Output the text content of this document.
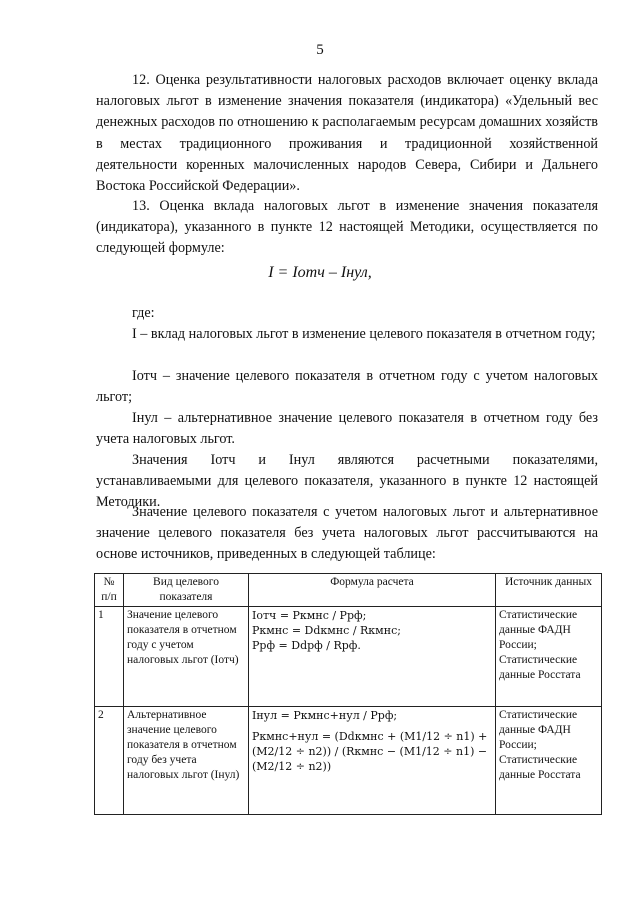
5

12. Оценка результативности налоговых расходов включает оценку вклада налоговых льгот в изменение значения показателя (индикатора) «Удельный вес денежных расходов по отношению к располагаемым ресурсам домашних хозяйств в местах традиционного проживания и традиционной хозяйственной деятельности коренных малочисленных народов Севера, Сибири и Дальнего Востока Российской Федерации».

13. Оценка вклада налоговых льгот в изменение значения показателя (индикатора), указанного в пункте 12 настоящей Методики, осуществляется по следующей формуле:

I = Iотч – Iнул,

где:

I – вклад налоговых льгот в изменение целевого показателя в отчетном году;

Iотч – значение целевого показателя в отчетном году с учетом налоговых льгот;

Iнул – альтернативное значение целевого показателя в отчетном году без учета налоговых льгот.

Значения Iотч и Iнул являются расчетными показателями, устанавливаемыми для целевого показателя, указанного в пункте 12 настоящей Методики.

Значение целевого показателя с учетом налоговых льгот и альтернативное значение целевого показателя без учета налоговых льгот рассчитываются на основе источников, приведенных в следующей таблице:

№ п/п	Вид целевого показателя	Формула расчета	Источник данных
1	Значение целевого показателя в отчетном году с учетом налоговых льгот (Iотч)	Iотч = Pкмнс / Pрф;
Pкмнс = Ddкмнс / Rкмнс;
Pрф = Ddрф / Rрф.	Статистические данные ФАДН России; Статистические данные Росстата
2	Альтернативное значение целевого показателя в отчетном году без учета налоговых льгот (Iнул)	Iнул = Pкмнс+нул / Pрф;
Pкмнс+нул = (Ddкмнс + (M1/12 ÷ n1) + (M2/12 ÷ n2)) / (Rкмнс − (M1/12 ÷ n1) − (M2/12 ÷ n2))	Статистические данные ФАДН России; Статистические данные Росстата
